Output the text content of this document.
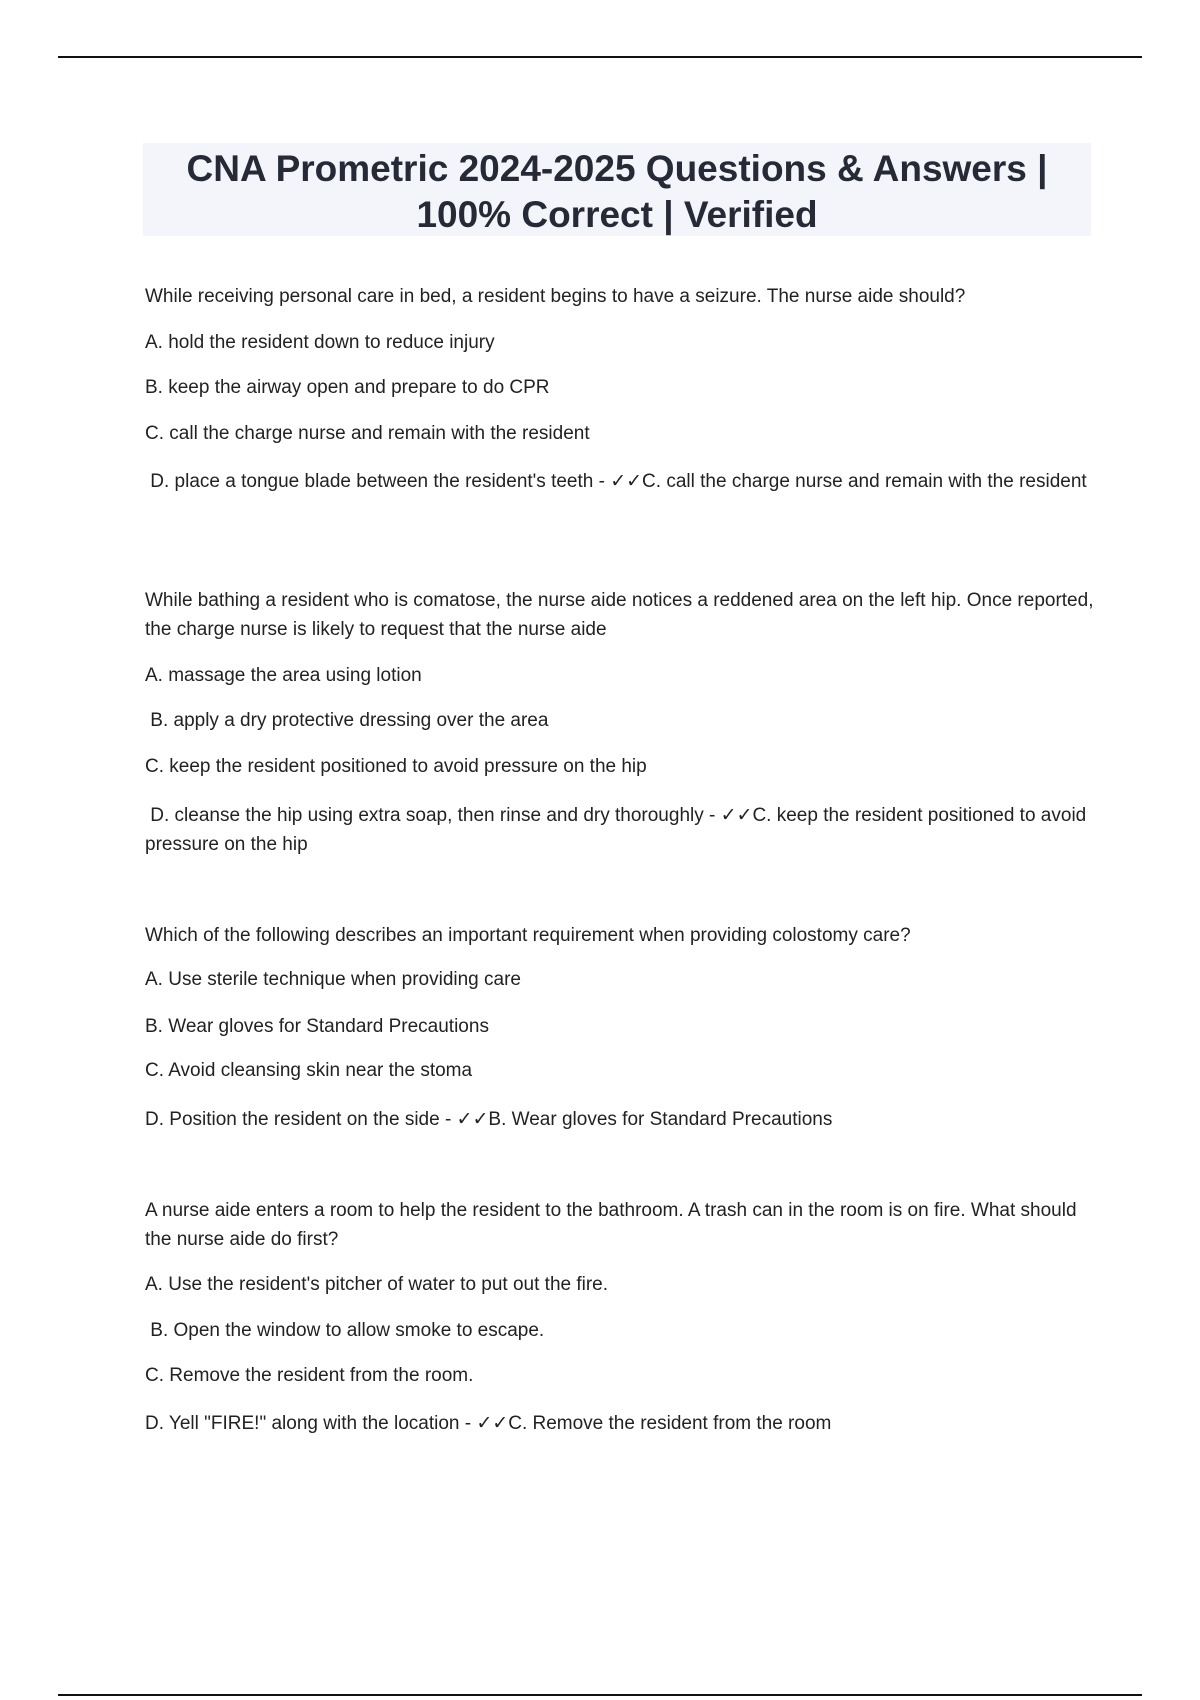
CNA Prometric 2024-2025 Questions & Answers | 100% Correct | Verified
While receiving personal care in bed, a resident begins to have a seizure. The nurse aide should?
A. hold the resident down to reduce injury
B. keep the airway open and prepare to do CPR
C. call the charge nurse and remain with the resident
D. place a tongue blade between the resident's teeth - ✓✓C. call the charge nurse and remain with the resident
While bathing a resident who is comatose, the nurse aide notices a reddened area on the left hip. Once reported, the charge nurse is likely to request that the nurse aide
A. massage the area using lotion
B. apply a dry protective dressing over the area
C. keep the resident positioned to avoid pressure on the hip
D. cleanse the hip using extra soap, then rinse and dry thoroughly - ✓✓C. keep the resident positioned to avoid pressure on the hip
Which of the following describes an important requirement when providing colostomy care?
A. Use sterile technique when providing care
B. Wear gloves for Standard Precautions
C. Avoid cleansing skin near the stoma
D. Position the resident on the side - ✓✓B. Wear gloves for Standard Precautions
A nurse aide enters a room to help the resident to the bathroom. A trash can in the room is on fire. What should the nurse aide do first?
A. Use the resident's pitcher of water to put out the fire.
B. Open the window to allow smoke to escape.
C. Remove the resident from the room.
D. Yell "FIRE!" along with the location - ✓✓C. Remove the resident from the room
